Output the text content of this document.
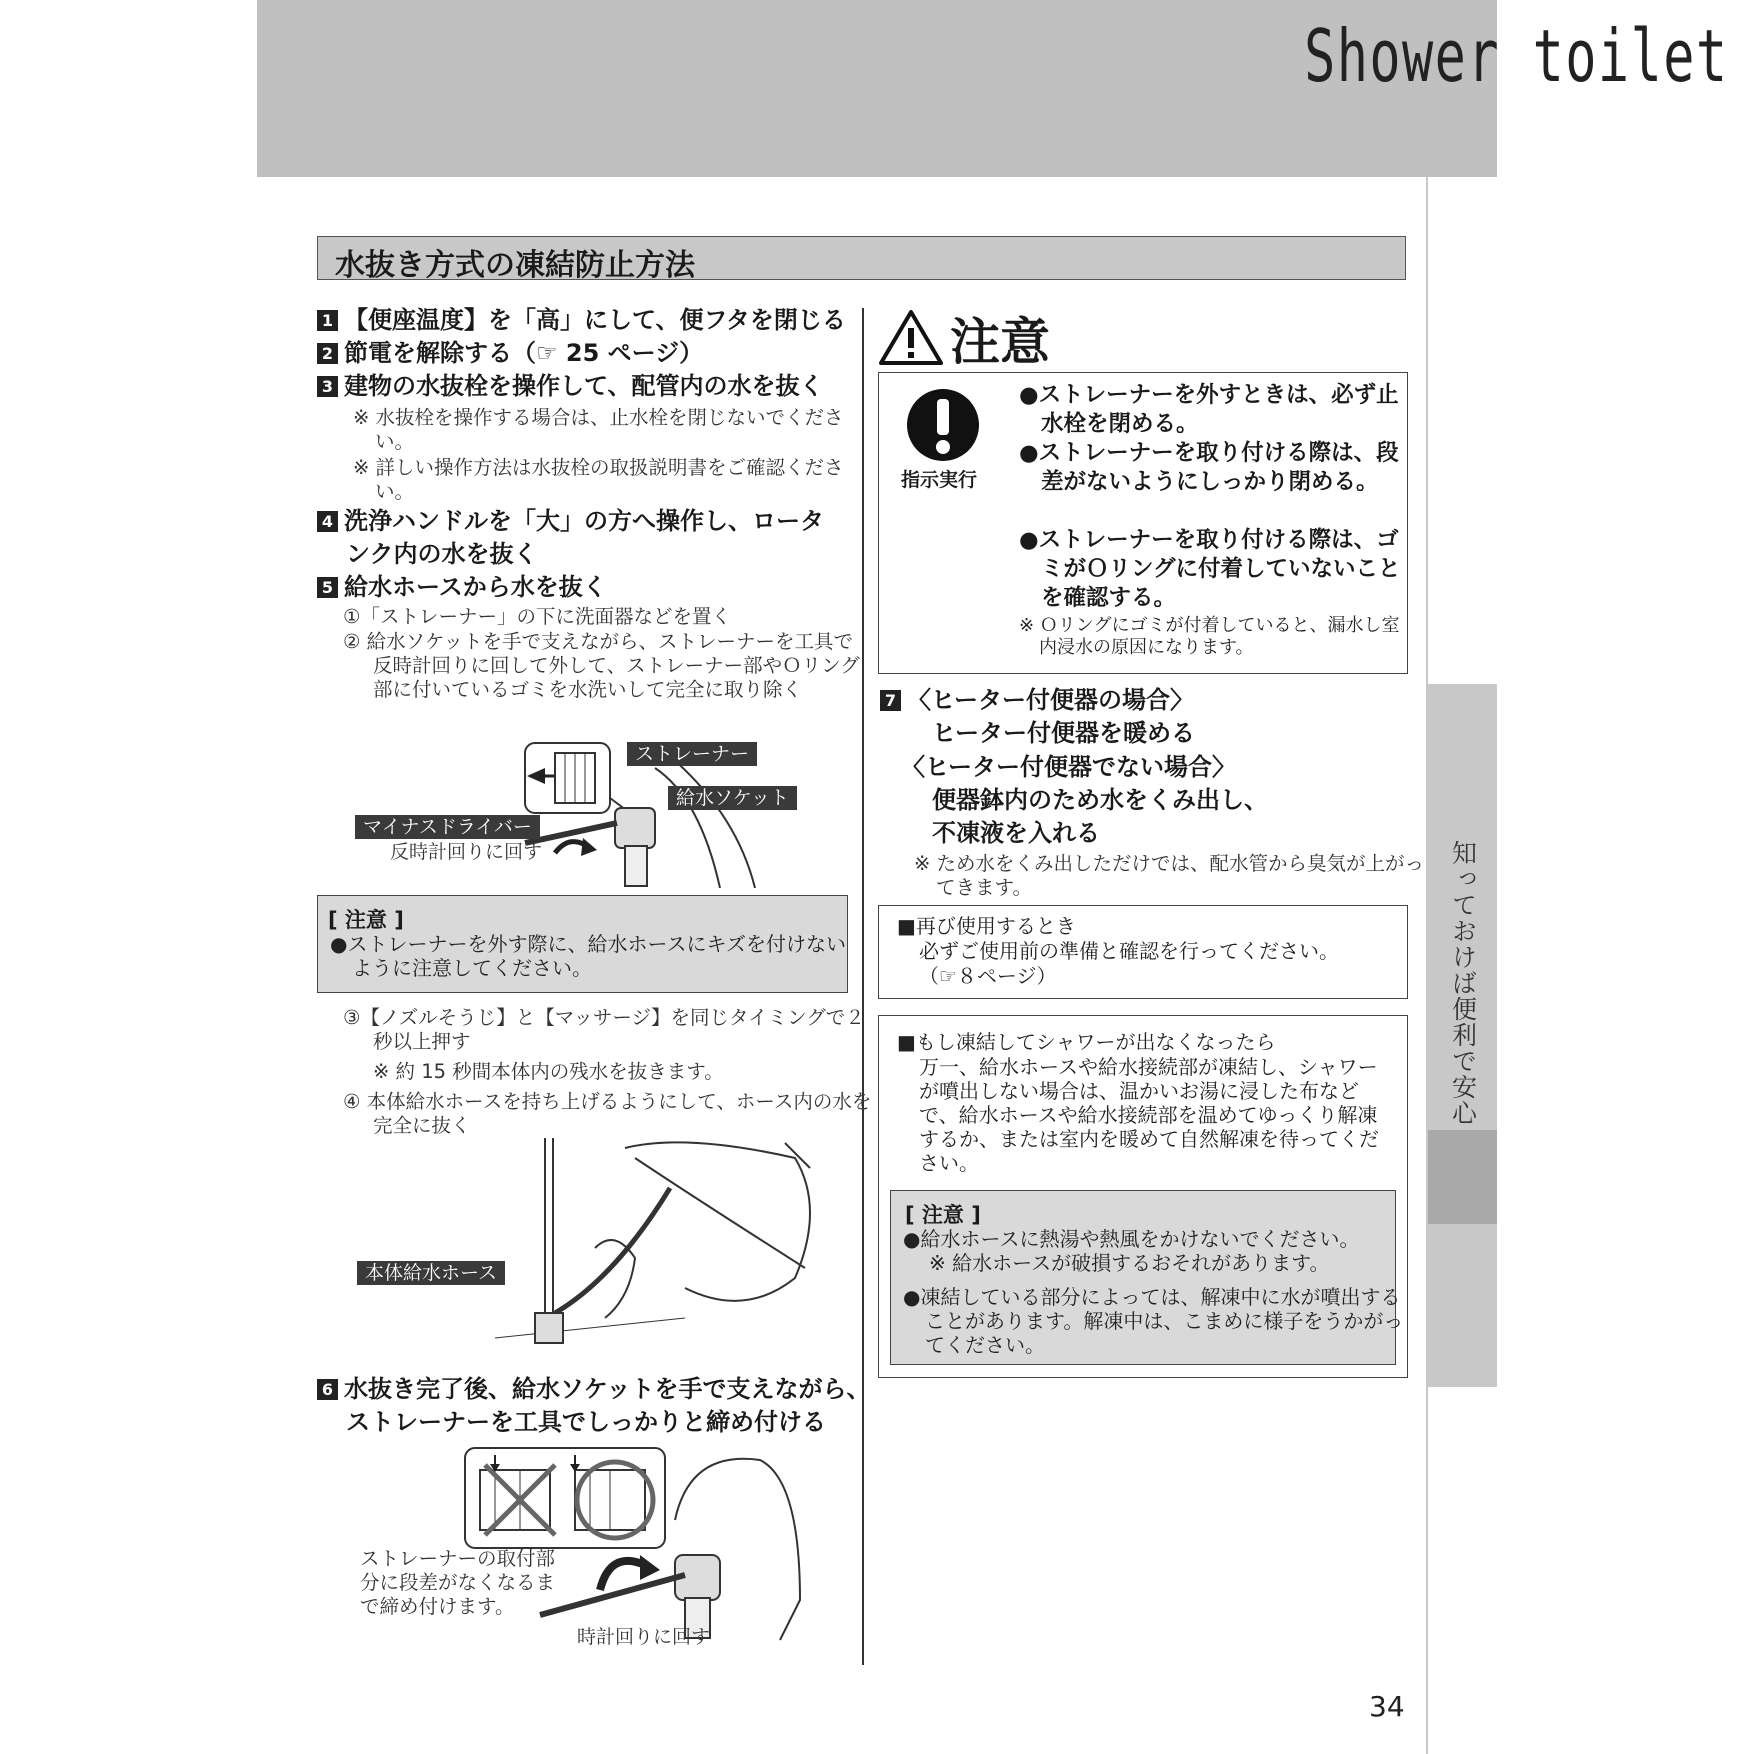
Shower toilet
知っておけば便利で安心
水抜き方式の凍結防止方法
1 【便座温度】を「高」にして、便フタを閉じる
2 節電を解除する（☞ 25 ページ）
3 建物の水抜栓を操作して、配管内の水を抜く
※ 水抜栓を操作する場合は、止水栓を閉じないでください。
※ 詳しい操作方法は水抜栓の取扱説明書をご確認ください。
4 洗浄ハンドルを「大」の方へ操作し、ロータ
ンク内の水を抜く
5 給水ホースから水を抜く
①「ストレーナー」の下に洗面器などを置く
② 給水ソケットを手で支えながら、ストレーナーを工具で反時計回りに回して外して、ストレーナー部やＯリング部に付いているゴミを水洗いして完全に取り除く
ストレーナー
給水ソケット
マイナスドライバー
反時計回りに回す
[ 注意 ]
●ストレーナーを外す際に、給水ホースにキズを付けないように注意してください。
③【ノズルそうじ】と【マッサージ】を同じタイミングで２秒以上押す
※ 約 15 秒間本体内の残水を抜きます。
④ 本体給水ホースを持ち上げるようにして、ホース内の水を完全に抜く
本体給水ホース
6 水抜き完了後、給水ソケットを手で支えながら、
ストレーナーを工具でしっかりと締め付ける
ストレーナーの取付部分に段差がなくなるまで締め付けます。
時計回りに回す
注意
指示実行
●ストレーナーを外すときは、必ず止水栓を閉める。
●ストレーナーを取り付ける際は、段差がないようにしっかり閉める。
●ストレーナーを取り付ける際は、ゴミがＯリングに付着していないことを確認する。
※ Ｏリングにゴミが付着していると、漏水し室内浸水の原因になります。
7 〈ヒーター付便器の場合〉
ヒーター付便器を暖める
〈ヒーター付便器でない場合〉
便器鉢内のため水をくみ出し、
不凍液を入れる
※ ため水をくみ出しただけでは、配水管から臭気が上がってきます。
■再び使用するとき
必ずご使用前の準備と確認を行ってください。
（☞８ページ）
■もし凍結してシャワーが出なくなったら
万一、給水ホースや給水接続部が凍結し、シャワーが噴出しない場合は、温かいお湯に浸した布などで、給水ホースや給水接続部を温めてゆっくり解凍するか、または室内を暖めて自然解凍を待ってください。
[ 注意 ]
●給水ホースに熱湯や熱風をかけないでください。
※ 給水ホースが破損するおそれがあります。
●凍結している部分によっては、解凍中に水が噴出することがあります。解凍中は、こまめに様子をうかがってください。
34
